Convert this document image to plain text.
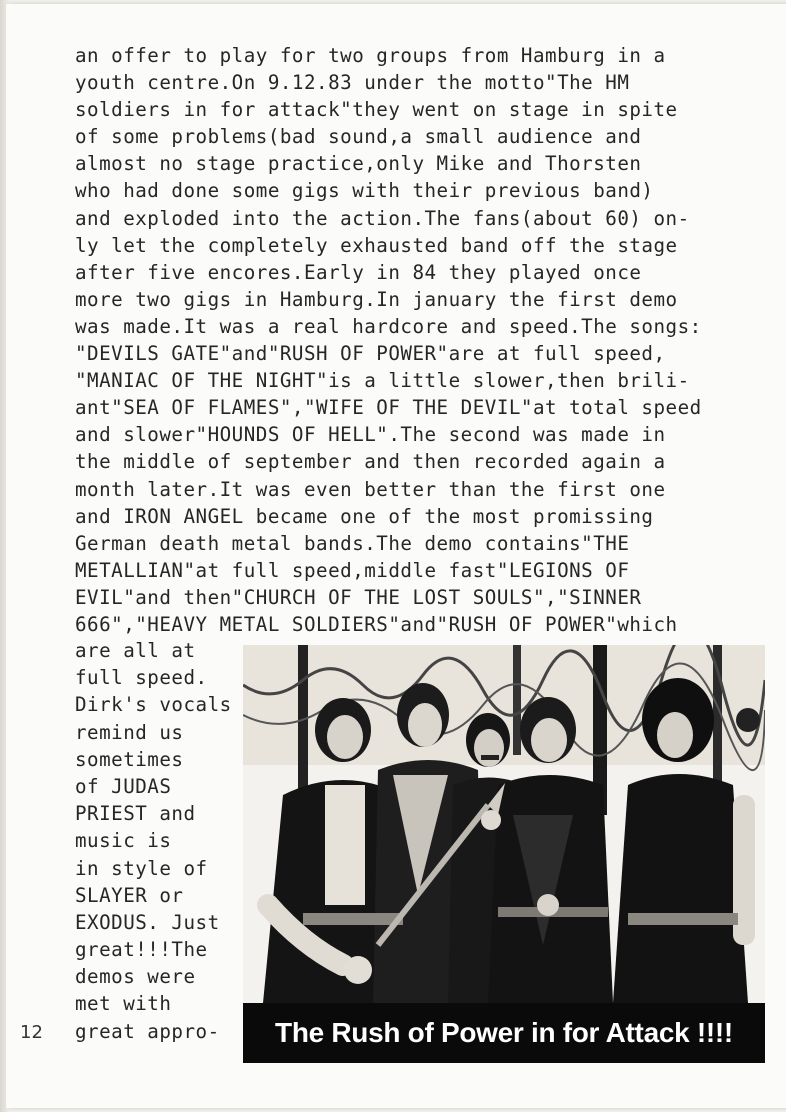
an offer to play for two groups from Hamburg in a
youth centre.On 9.12.83 under the motto"The HM
soldiers in for attack"they went on stage in spite
of some problems(bad sound,a small audience and
almost no stage practice,only Mike and Thorsten
who had done some gigs with their previous band)
and exploded into the action.The fans(about 60) on-
ly let the completely exhausted band off the stage
after five encores.Early in 84 they played once
more two gigs in Hamburg.In january the first demo
was made.It was a real hardcore and speed.The songs:
"DEVILS GATE"and"RUSH OF POWER"are at full speed,
"MANIAC OF THE NIGHT"is a little slower,then brili-
ant"SEA OF FLAMES","WIFE OF THE DEVIL"at total speed
and slower"HOUNDS OF HELL".The second was made in
the middle of september and then recorded again a
month later.It was even better than the first one
and IRON ANGEL became one of the most promissing
German death metal bands.The demo contains"THE
METALLIAN"at full speed,middle fast"LEGIONS OF
EVIL"and then"CHURCH OF THE LOST SOULS","SINNER
666","HEAVY METAL SOLDIERS"and"RUSH OF POWER"which
are all at
full speed.
Dirk's vocals
remind us
sometimes
of JUDAS
PRIEST and
music is
in style of
SLAYER or
EXODUS. Just
great!!!The
demos were
met with
great appro-
12	The Rush of Power in for Attack !!!!
